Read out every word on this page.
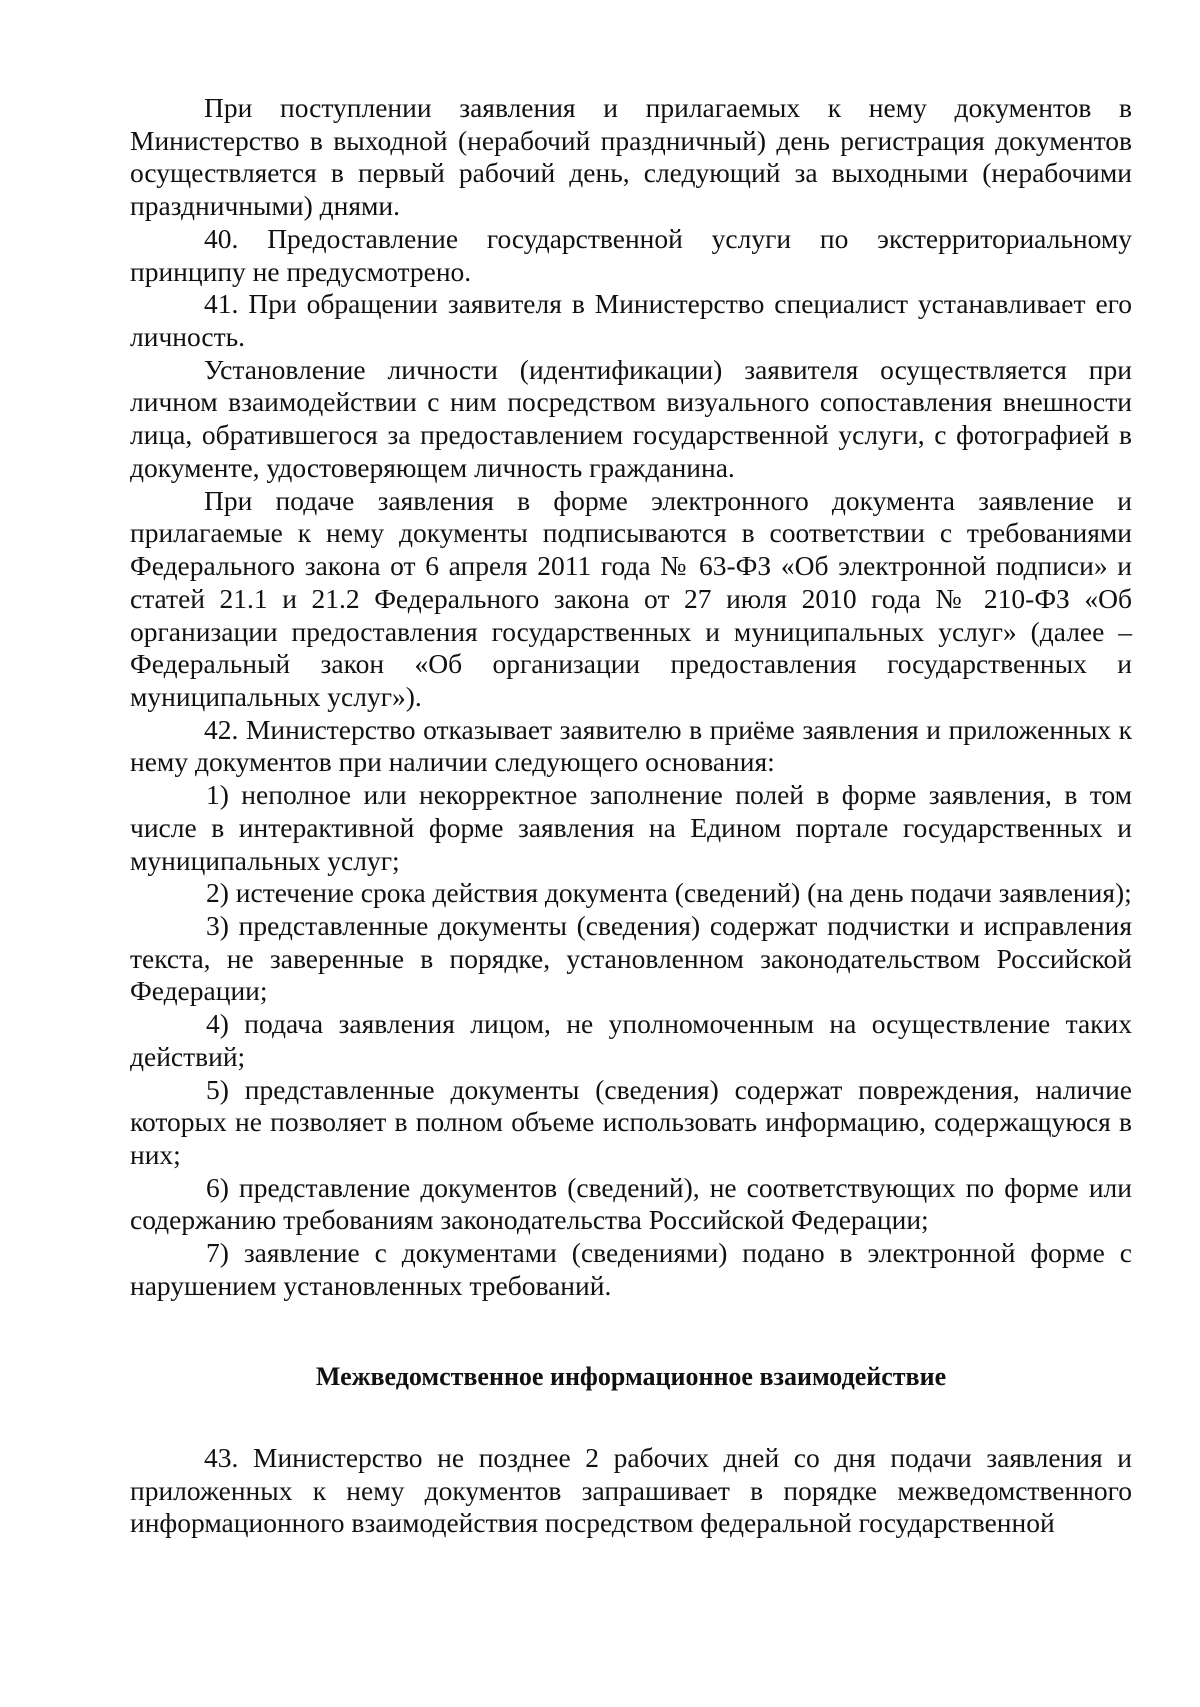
При поступлении заявления и прилагаемых к нему документов в Министерство в выходной (нерабочий праздничный) день регистрация документов осуществляется в первый рабочий день, следующий за выходными (нерабочими праздничными) днями.

40. Предоставление государственной услуги по экстерриториальному принципу не предусмотрено.

41. При обращении заявителя в Министерство специалист устанавливает его личность.

Установление личности (идентификации) заявителя осуществляется при личном взаимодействии с ним посредством визуального сопоставления внешности лица, обратившегося за предоставлением государственной услуги, с фотографией в документе, удостоверяющем личность гражданина.

При подаче заявления в форме электронного документа заявление и прилагаемые к нему документы подписываются в соответствии с требованиями Федерального закона от 6 апреля 2011 года № 63-ФЗ «Об электронной подписи» и статей 21.1 и 21.2 Федерального закона от 27 июля 2010 года № 210-ФЗ «Об организации предоставления государственных и муниципальных услуг» (далее – Федеральный закон «Об организации предоставления государственных и муниципальных услуг»).

42. Министерство отказывает заявителю в приёме заявления и приложенных к нему документов при наличии следующего основания:

1) неполное или некорректное заполнение полей в форме заявления, в том числе в интерактивной форме заявления на Едином портале государственных и муниципальных услуг;

2) истечение срока действия документа (сведений) (на день подачи заявления);

3) представленные документы (сведения) содержат подчистки и исправления текста, не заверенные в порядке, установленном законодательством Российской Федерации;

4) подача заявления лицом, не уполномоченным на осуществление таких действий;

5) представленные документы (сведения) содержат повреждения, наличие которых не позволяет в полном объеме использовать информацию, содержащуюся в них;

6) представление документов (сведений), не соответствующих по форме или содержанию требованиям законодательства Российской Федерации;

7) заявление с документами (сведениями) подано в электронной форме с нарушением установленных требований.

Межведомственное информационное взаимодействие

43. Министерство не позднее 2 рабочих дней со дня подачи заявления и приложенных к нему документов запрашивает в порядке межведомственного информационного взаимодействия посредством федеральной государственной
